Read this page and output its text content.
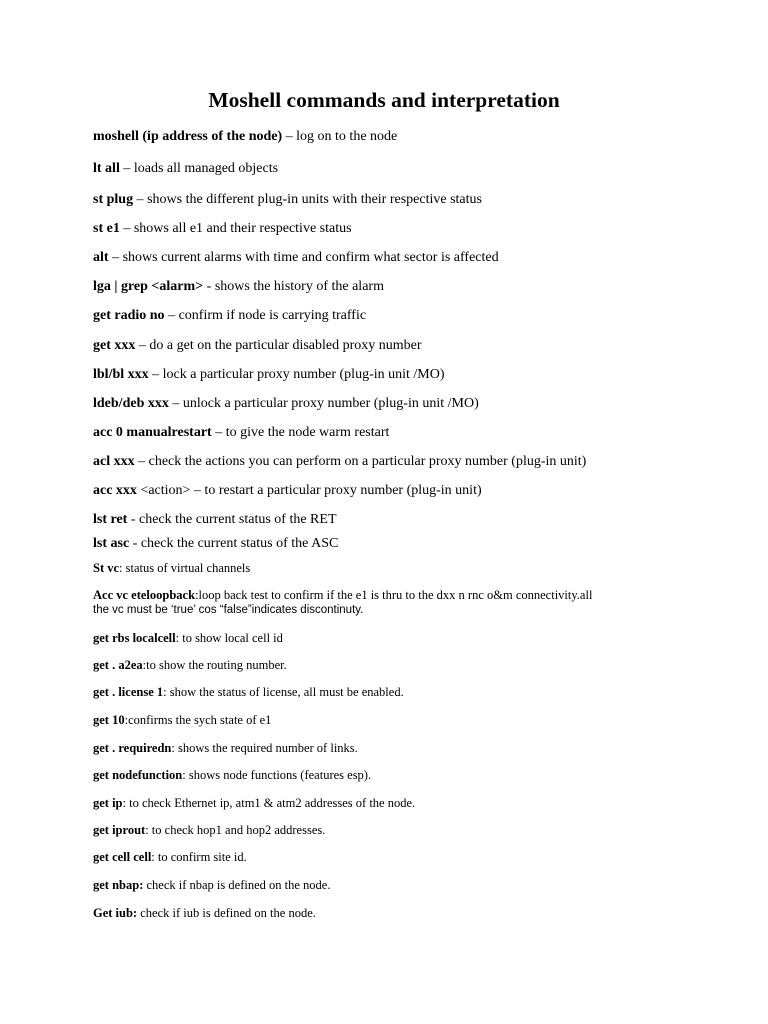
Moshell commands and interpretation

moshell (ip address of the node) – log on to the node

lt all – loads all managed objects

st plug – shows the different plug-in units with their respective status

st e1 – shows all e1 and their respective status

alt – shows current alarms with time and confirm what sector is affected

lga | grep <alarm> - shows the history of the alarm

get radio no – confirm if node is carrying traffic

get xxx – do a get on the particular disabled proxy number

lbl/bl xxx – lock a particular proxy number (plug-in unit /MO)

ldeb/deb xxx – unlock a particular proxy number (plug-in unit /MO)

acc 0 manualrestart – to give the node warm restart

acl xxx – check the actions you can perform on a particular proxy number (plug-in unit)

acc xxx <action> – to restart a particular proxy number (plug-in unit)

lst ret - check the current status of the RET

lst asc - check the current status of the ASC

St vc: status of virtual channels

Acc vc eteloopback:loop back test to confirm if the e1 is thru to the dxx n rnc o&m connectivity.all
the vc must be ‘true’ cos “false”indicates discontinuty.

get rbs localcell: to show local cell id

get . a2ea:to show the routing number.

get . license 1: show the status of license, all must be enabled.

get 10:confirms the sych state of e1

get . requiredn: shows the required number of links.

get nodefunction: shows node functions (features esp).

get ip: to check Ethernet ip, atm1 & atm2 addresses of the node.

get iprout: to check hop1 and hop2 addresses.

get cell cell: to confirm site id.

get nbap: check if nbap is defined on the node.

Get iub: check if iub is defined on the node.
